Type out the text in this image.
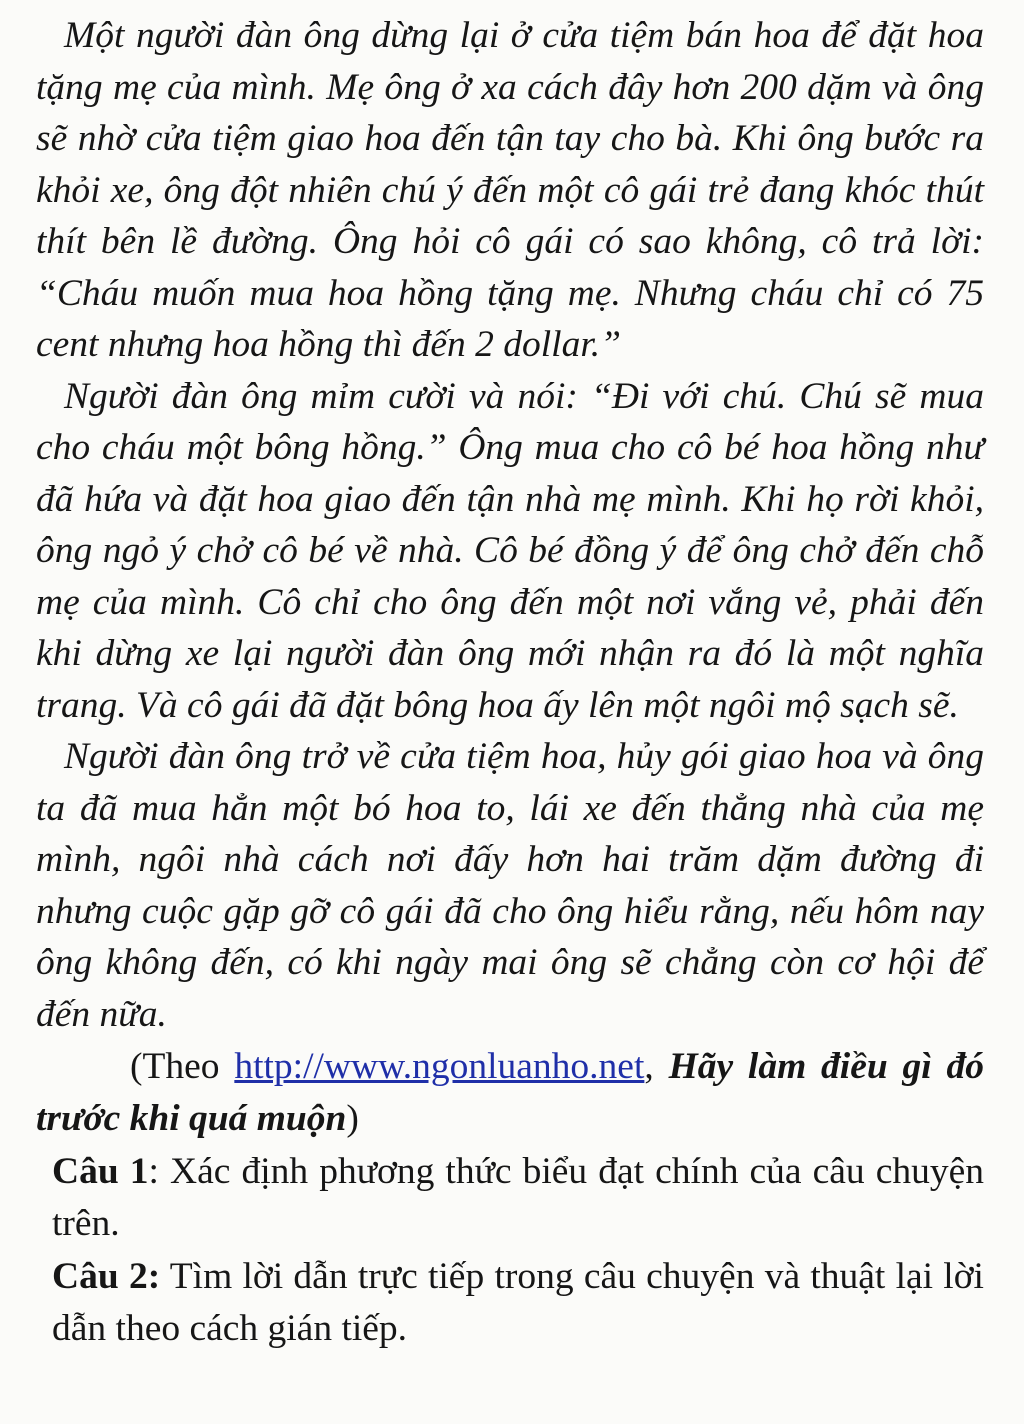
Một người đàn ông dừng lại ở cửa tiệm bán hoa để đặt hoa tặng mẹ của mình. Mẹ ông ở xa cách đây hơn 200 dặm và ông sẽ nhờ cửa tiệm giao hoa đến tận tay cho bà. Khi ông bước ra khỏi xe, ông đột nhiên chú ý đến một cô gái trẻ đang khóc thút thít bên lề đường. Ông hỏi cô gái có sao không, cô trả lời: “Cháu muốn mua hoa hồng tặng mẹ. Nhưng cháu chỉ có 75 cent nhưng hoa hồng thì đến 2 dollar.”

Người đàn ông mỉm cười và nói: “Đi với chú. Chú sẽ mua cho cháu một bông hồng.” Ông mua cho cô bé hoa hồng như đã hứa và đặt hoa giao đến tận nhà mẹ mình. Khi họ rời khỏi, ông ngỏ ý chở cô bé về nhà. Cô bé đồng ý để ông chở đến chỗ mẹ của mình. Cô chỉ cho ông đến một nơi vắng vẻ, phải đến khi dừng xe lại người đàn ông mới nhận ra đó là một nghĩa trang. Và cô gái đã đặt bông hoa ấy lên một ngôi mộ sạch sẽ.

Người đàn ông trở về cửa tiệm hoa, hủy gói giao hoa và ông ta đã mua hẳn một bó hoa to, lái xe đến thẳng nhà của mẹ mình, ngôi nhà cách nơi đấy hơn hai trăm dặm đường đi nhưng cuộc gặp gỡ cô gái đã cho ông hiểu rằng, nếu hôm nay ông không đến, có khi ngày mai ông sẽ chẳng còn cơ hội để đến nữa.

(Theo http://www.ngonluanho.net, Hãy làm điều gì đó trước khi quá muộn)

Câu 1: Xác định phương thức biểu đạt chính của câu chuyện trên.

Câu 2: Tìm lời dẫn trực tiếp trong câu chuyện và thuật lại lời dẫn theo cách gián tiếp.
